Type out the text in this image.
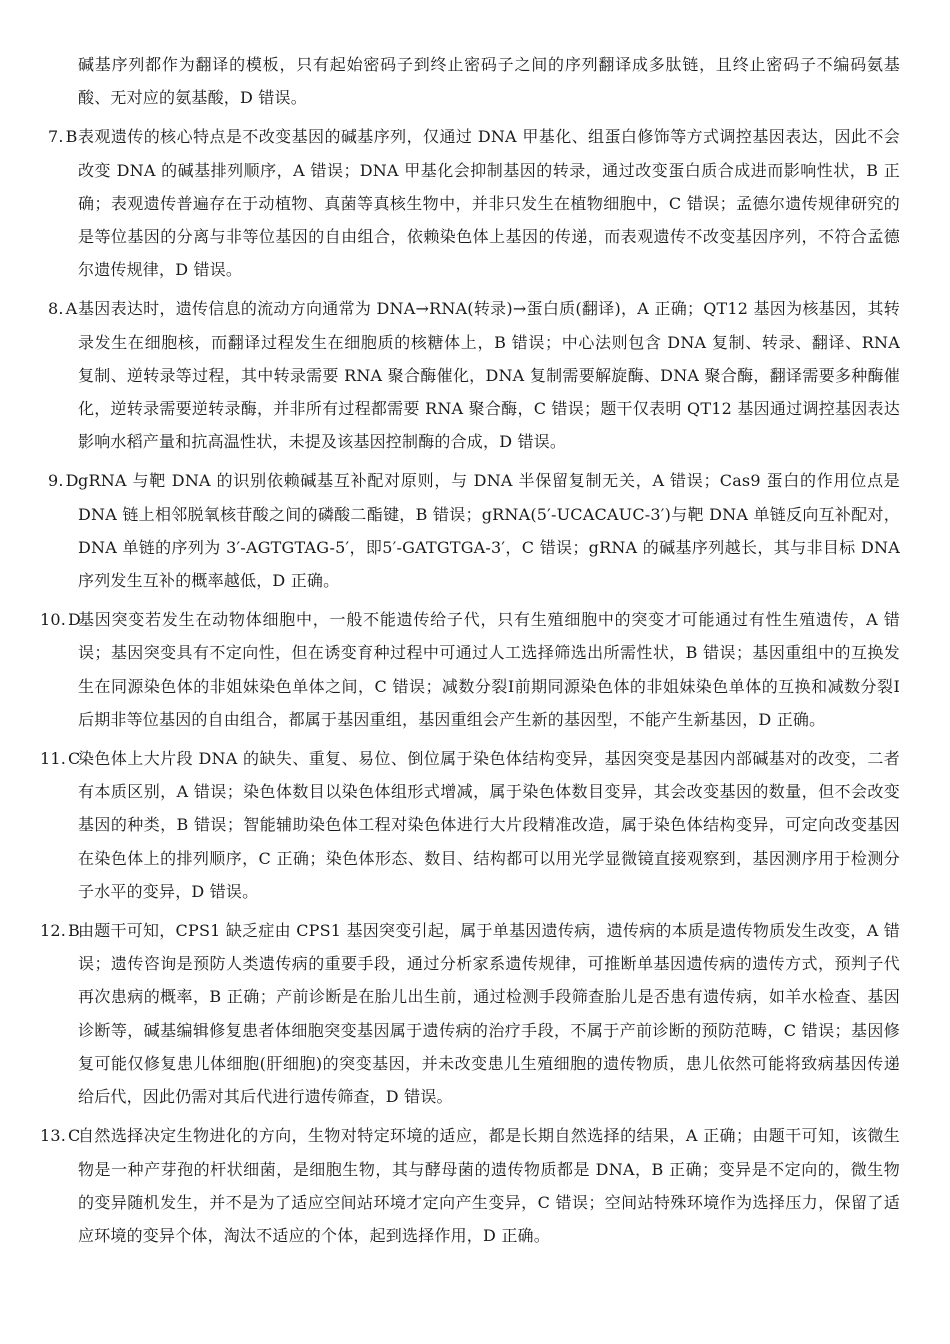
碱基序列都作为翻译的模板，只有起始密码子到终止密码子之间的序列翻译成多肽链，且终止密码子不编码氨基酸、无对应的氨基酸，D 错误。
7. B 表观遗传的核心特点是不改变基因的碱基序列，仅通过 DNA 甲基化、组蛋白修饰等方式调控基因表达，因此不会改变 DNA 的碱基排列顺序，A 错误；DNA 甲基化会抑制基因的转录，通过改变蛋白质合成进而影响性状，B 正确；表观遗传普遍存在于动植物、真菌等真核生物中，并非只发生在植物细胞中，C 错误；孟德尔遗传规律研究的是等位基因的分离与非等位基因的自由组合，依赖染色体上基因的传递，而表观遗传不改变基因序列，不符合孟德尔遗传规律，D 错误。
8. A 基因表达时，遗传信息的流动方向通常为 DNA→RNA(转录)→蛋白质(翻译)，A 正确；QT12 基因为核基因，其转录发生在细胞核，而翻译过程发生在细胞质的核糖体上，B 错误；中心法则包含 DNA 复制、转录、翻译、RNA 复制、逆转录等过程，其中转录需要 RNA 聚合酶催化，DNA 复制需要解旋酶、DNA 聚合酶，翻译需要多种酶催化，逆转录需要逆转录酶，并非所有过程都需要 RNA 聚合酶，C 错误；题干仅表明 QT12 基因通过调控基因表达影响水稻产量和抗高温性状，未提及该基因控制酶的合成，D 错误。
9. D gRNA 与靶 DNA 的识别依赖碱基互补配对原则，与 DNA 半保留复制无关，A 错误；Cas9 蛋白的作用位点是 DNA 链上相邻脱氧核苷酸之间的磷酸二酯键，B 错误；gRNA(5′-UCACAUC-3′)与靶 DNA 单链反向互补配对，DNA 单链的序列为 3′-AGTGTAG-5′，即5′-GATGTGA-3′，C 错误；gRNA 的碱基序列越长，其与非目标 DNA 序列发生互补的概率越低，D 正确。
10. D
基因突变若发生在动物体细胞中，一般不能遗传给子代，只有生殖细胞中的突变才可能通过有性生殖遗传，A 错误；基因突变具有不定向性，但在诱变育种过程中可通过人工选择筛选出所需性状，B 错误；基因重组中的互换发生在同源染色体的非姐妹染色单体之间，C 错误；减数分裂Ⅰ前期同源染色体的非姐妹染色单体的互换和减数分裂Ⅰ后期非等位基因的自由组合，都属于基因重组，基因重组会产生新的基因型，不能产生新基因，D 正确。
11. C
染色体上大片段 DNA 的缺失、重复、易位、倒位属于染色体结构变异，基因突变是基因内部碱基对的改变，二者有本质区别，A 错误；染色体数目以染色体组形式增减，属于染色体数目变异，其会改变基因的数量，但不会改变基因的种类，B 错误；智能辅助染色体工程对染色体进行大片段精准改造，属于染色体结构变异，可定向改变基因在染色体上的排列顺序，C 正确；染色体形态、数目、结构都可以用光学显微镜直接观察到，基因测序用于检测分子水平的变异，D 错误。
12. B
由题干可知，CPS1 缺乏症由 CPS1 基因突变引起，属于单基因遗传病，遗传病的本质是遗传物质发生改变，A 错误；遗传咨询是预防人类遗传病的重要手段，通过分析家系遗传规律，可推断单基因遗传病的遗传方式，预判子代再次患病的概率，B 正确；产前诊断是在胎儿出生前，通过检测手段筛查胎儿是否患有遗传病，如羊水检查、基因诊断等，碱基编辑修复患者体细胞突变基因属于遗传病的治疗手段，不属于产前诊断的预防范畴，C 错误；基因修复可能仅修复患儿体细胞(肝细胞)的突变基因，并未改变患儿生殖细胞的遗传物质，患儿依然可能将致病基因传递给后代，因此仍需对其后代进行遗传筛查，D 错误。
13. C
自然选择决定生物进化的方向，生物对特定环境的适应，都是长期自然选择的结果，A 正确；由题干可知，该微生物是一种产芽孢的杆状细菌，是细胞生物，其与酵母菌的遗传物质都是 DNA，B 正确；变异是不定向的，微生物的变异随机发生，并不是为了适应空间站环境才定向产生变异，C 错误；空间站特殊环境作为选择压力，保留了适应环境的变异个体，淘汰不适应的个体，起到选择作用，D 正确。
